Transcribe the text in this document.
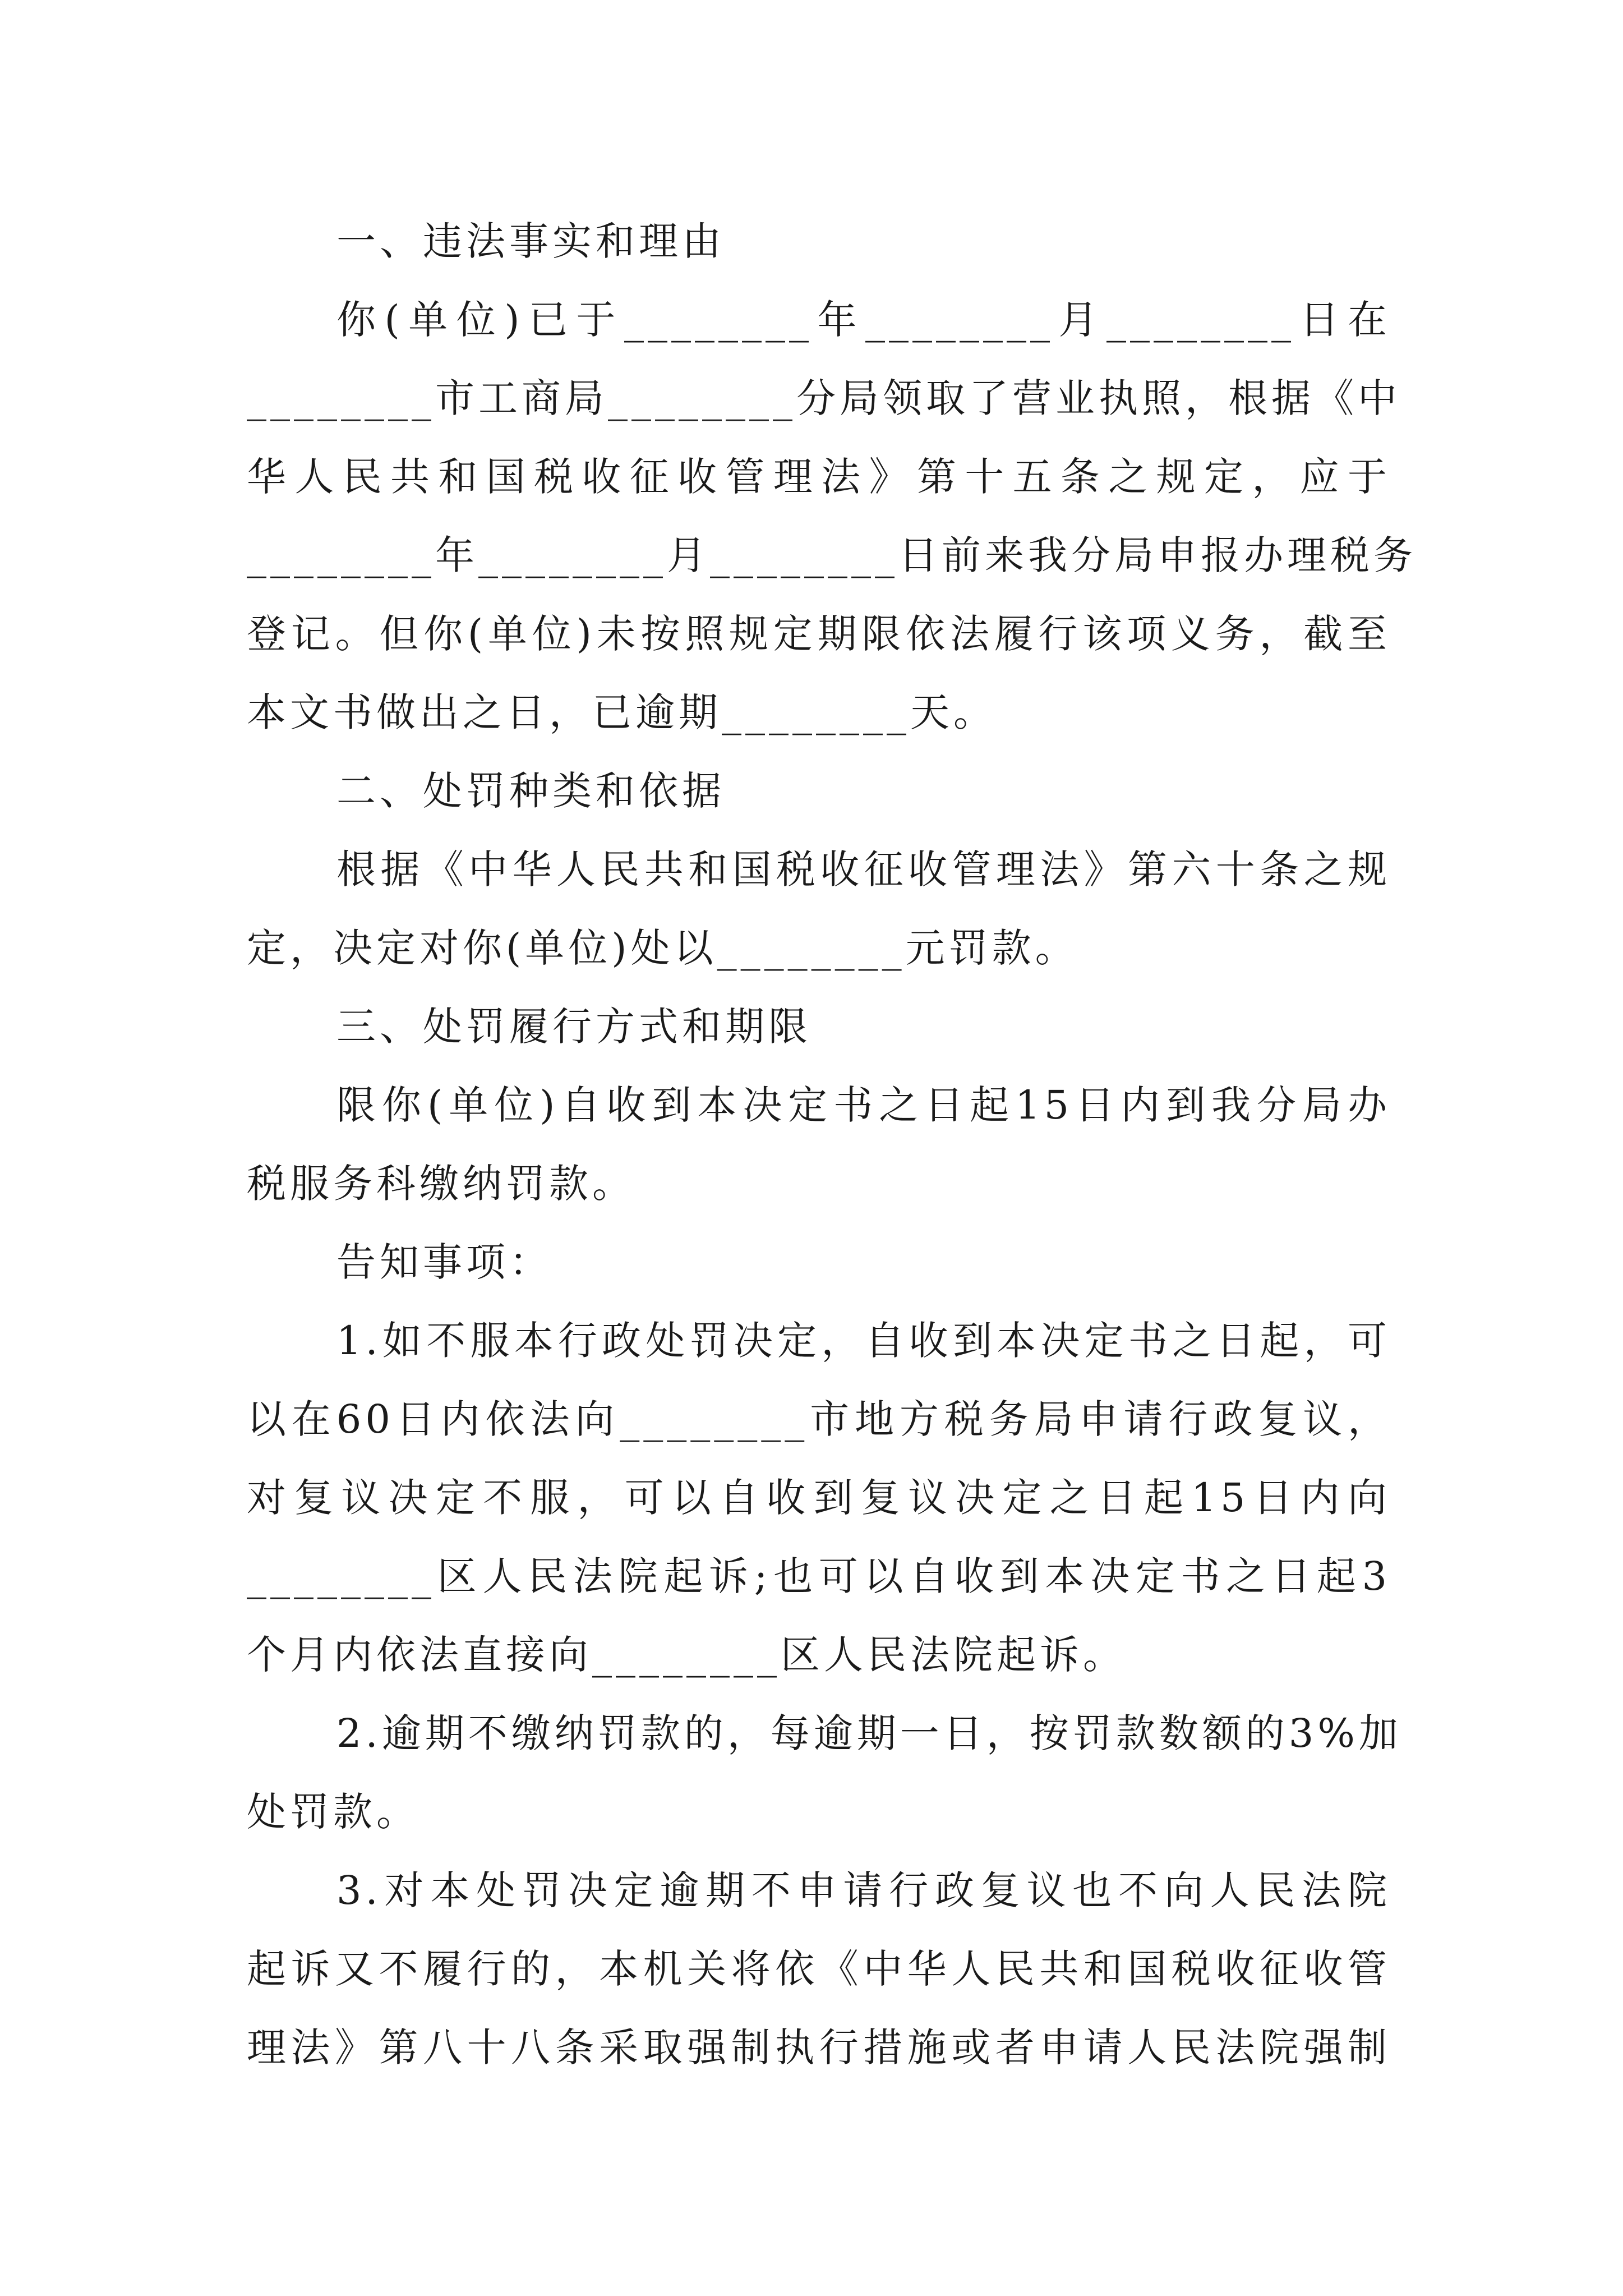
一、违法事实和理由
你(单位)已于________年________月________日在
________市工商局________分局领取了营业执照，根据《中
华人民共和国税收征收管理法》第十五条之规定，应于
________年________月________日前来我分局申报办理税务
登记。但你(单位)未按照规定期限依法履行该项义务，截至
本文书做出之日，已逾期________天。
二、处罚种类和依据
根据《中华人民共和国税收征收管理法》第六十条之规
定，决定对你(单位)处以________元罚款。
三、处罚履行方式和期限
限你(单位)自收到本决定书之日起15日内到我分局办
税服务科缴纳罚款。
告知事项：
1.如不服本行政处罚决定，自收到本决定书之日起，可
以在60日内依法向________市地方税务局申请行政复议，
对复议决定不服，可以自收到复议决定之日起15日内向
________区人民法院起诉;也可以自收到本决定书之日起3
个月内依法直接向________区人民法院起诉。
2.逾期不缴纳罚款的，每逾期一日，按罚款数额的3%加
处罚款。
3.对本处罚决定逾期不申请行政复议也不向人民法院
起诉又不履行的，本机关将依《中华人民共和国税收征收管
理法》第八十八条采取强制执行措施或者申请人民法院强制
